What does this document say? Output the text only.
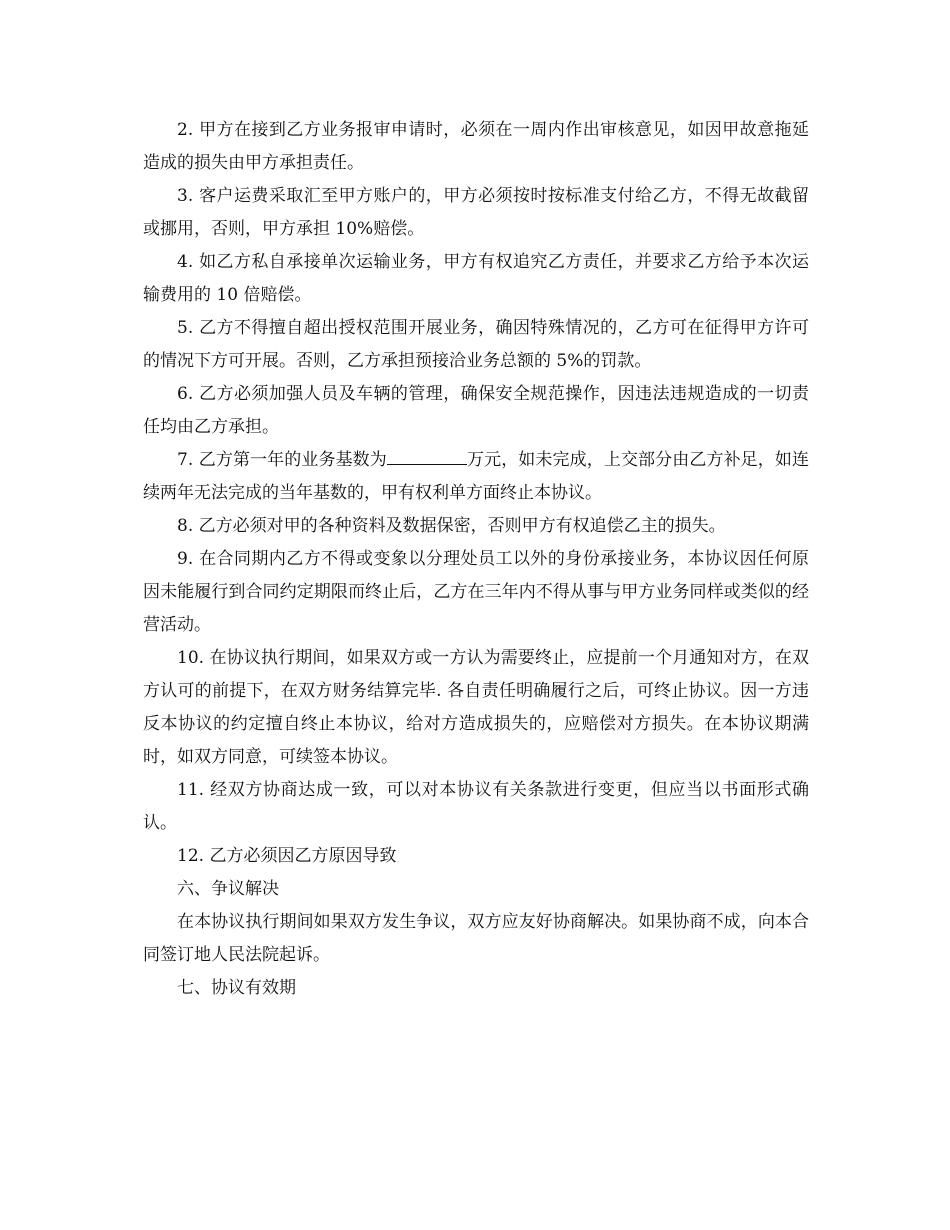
2. 甲方在接到乙方业务报审申请时，必须在一周内作出审核意见，如因甲故意拖延造成的损失由甲方承担责任。

3. 客户运费采取汇至甲方账户的，甲方必须按时按标准支付给乙方，不得无故截留或挪用，否则，甲方承担 10%赔偿。

4. 如乙方私自承接单次运输业务，甲方有权追究乙方责任，并要求乙方给予本次运输费用的 10 倍赔偿。

5. 乙方不得擅自超出授权范围开展业务，确因特殊情况的，乙方可在征得甲方许可的情况下方可开展。否则，乙方承担预接洽业务总额的 5%的罚款。

6. 乙方必须加强人员及车辆的管理，确保安全规范操作，因违法违规造成的一切责任均由乙方承担。

7. 乙方第一年的业务基数为	万元，如未完成，上交部分由乙方补足，如连续两年无法完成的当年基数的，甲有权利单方面终止本协议。

8. 乙方必须对甲的各种资料及数据保密，否则甲方有权追偿乙主的损失。

9. 在合同期内乙方不得或变象以分理处员工以外的身份承接业务，本协议因任何原因未能履行到合同约定期限而终止后，乙方在三年内不得从事与甲方业务同样或类似的经营活动。

10. 在协议执行期间，如果双方或一方认为需要终止，应提前一个月通知对方，在双方认可的前提下，在双方财务结算完毕. 各自责任明确履行之后，可终止协议。因一方违反本协议的约定擅自终止本协议，给对方造成损失的，应赔偿对方损失。在本协议期满时，如双方同意，可续签本协议。

11. 经双方协商达成一致，可以对本协议有关条款进行变更，但应当以书面形式确认。

12. 乙方必须因乙方原因导致

六、争议解决

在本协议执行期间如果双方发生争议，双方应友好协商解决。如果协商不成，向本合同签订地人民法院起诉。

七、协议有效期
